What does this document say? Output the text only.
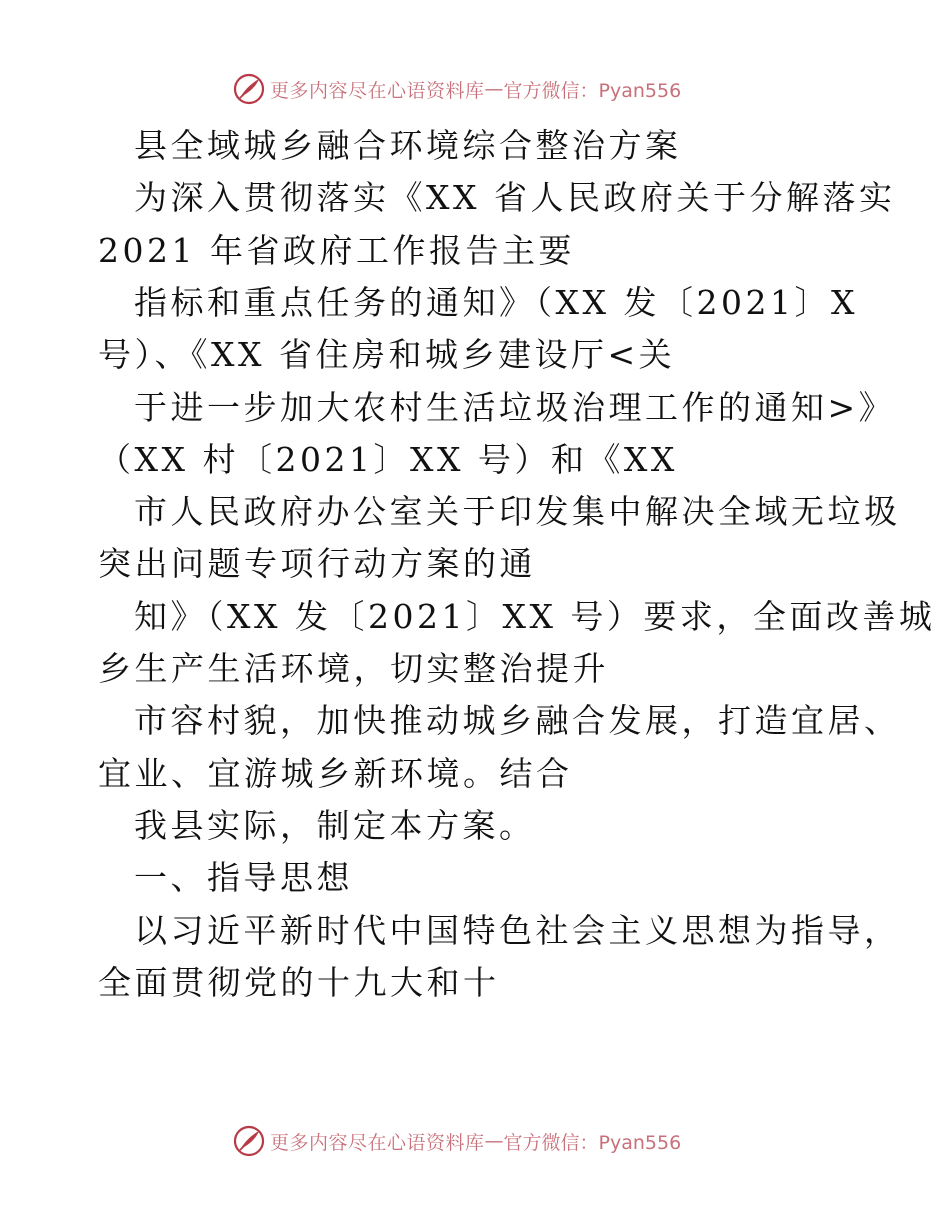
更多内容尽在心语资料库 — 官方微信：Pyan556
县全域城乡融合环境综合整治方案
为深入贯彻落实《XX 省人民政府关于分解落实
2021 年省政府工作报告主要
指标和重点任务的通知》（XX 发〔2021〕X
号）、《XX 省住房和城乡建设厅<关
于进一步加大农村生活垃圾治理工作的通知>》
（XX 村〔2021〕XX 号）和《XX
市人民政府办公室关于印发集中解决全域无垃圾
突出问题专项行动方案的通
知》（XX 发〔2021〕XX 号）要求，全面改善城
乡生产生活环境，切实整治提升
市容村貌，加快推动城乡融合发展，打造宜居、
宜业、宜游城乡新环境。结合
我县实际，制定本方案。
一、指导思想
以习近平新时代中国特色社会主义思想为指导，
全面贯彻党的十九大和十
更多内容尽在心语资料库 — 官方微信：Pyan556
